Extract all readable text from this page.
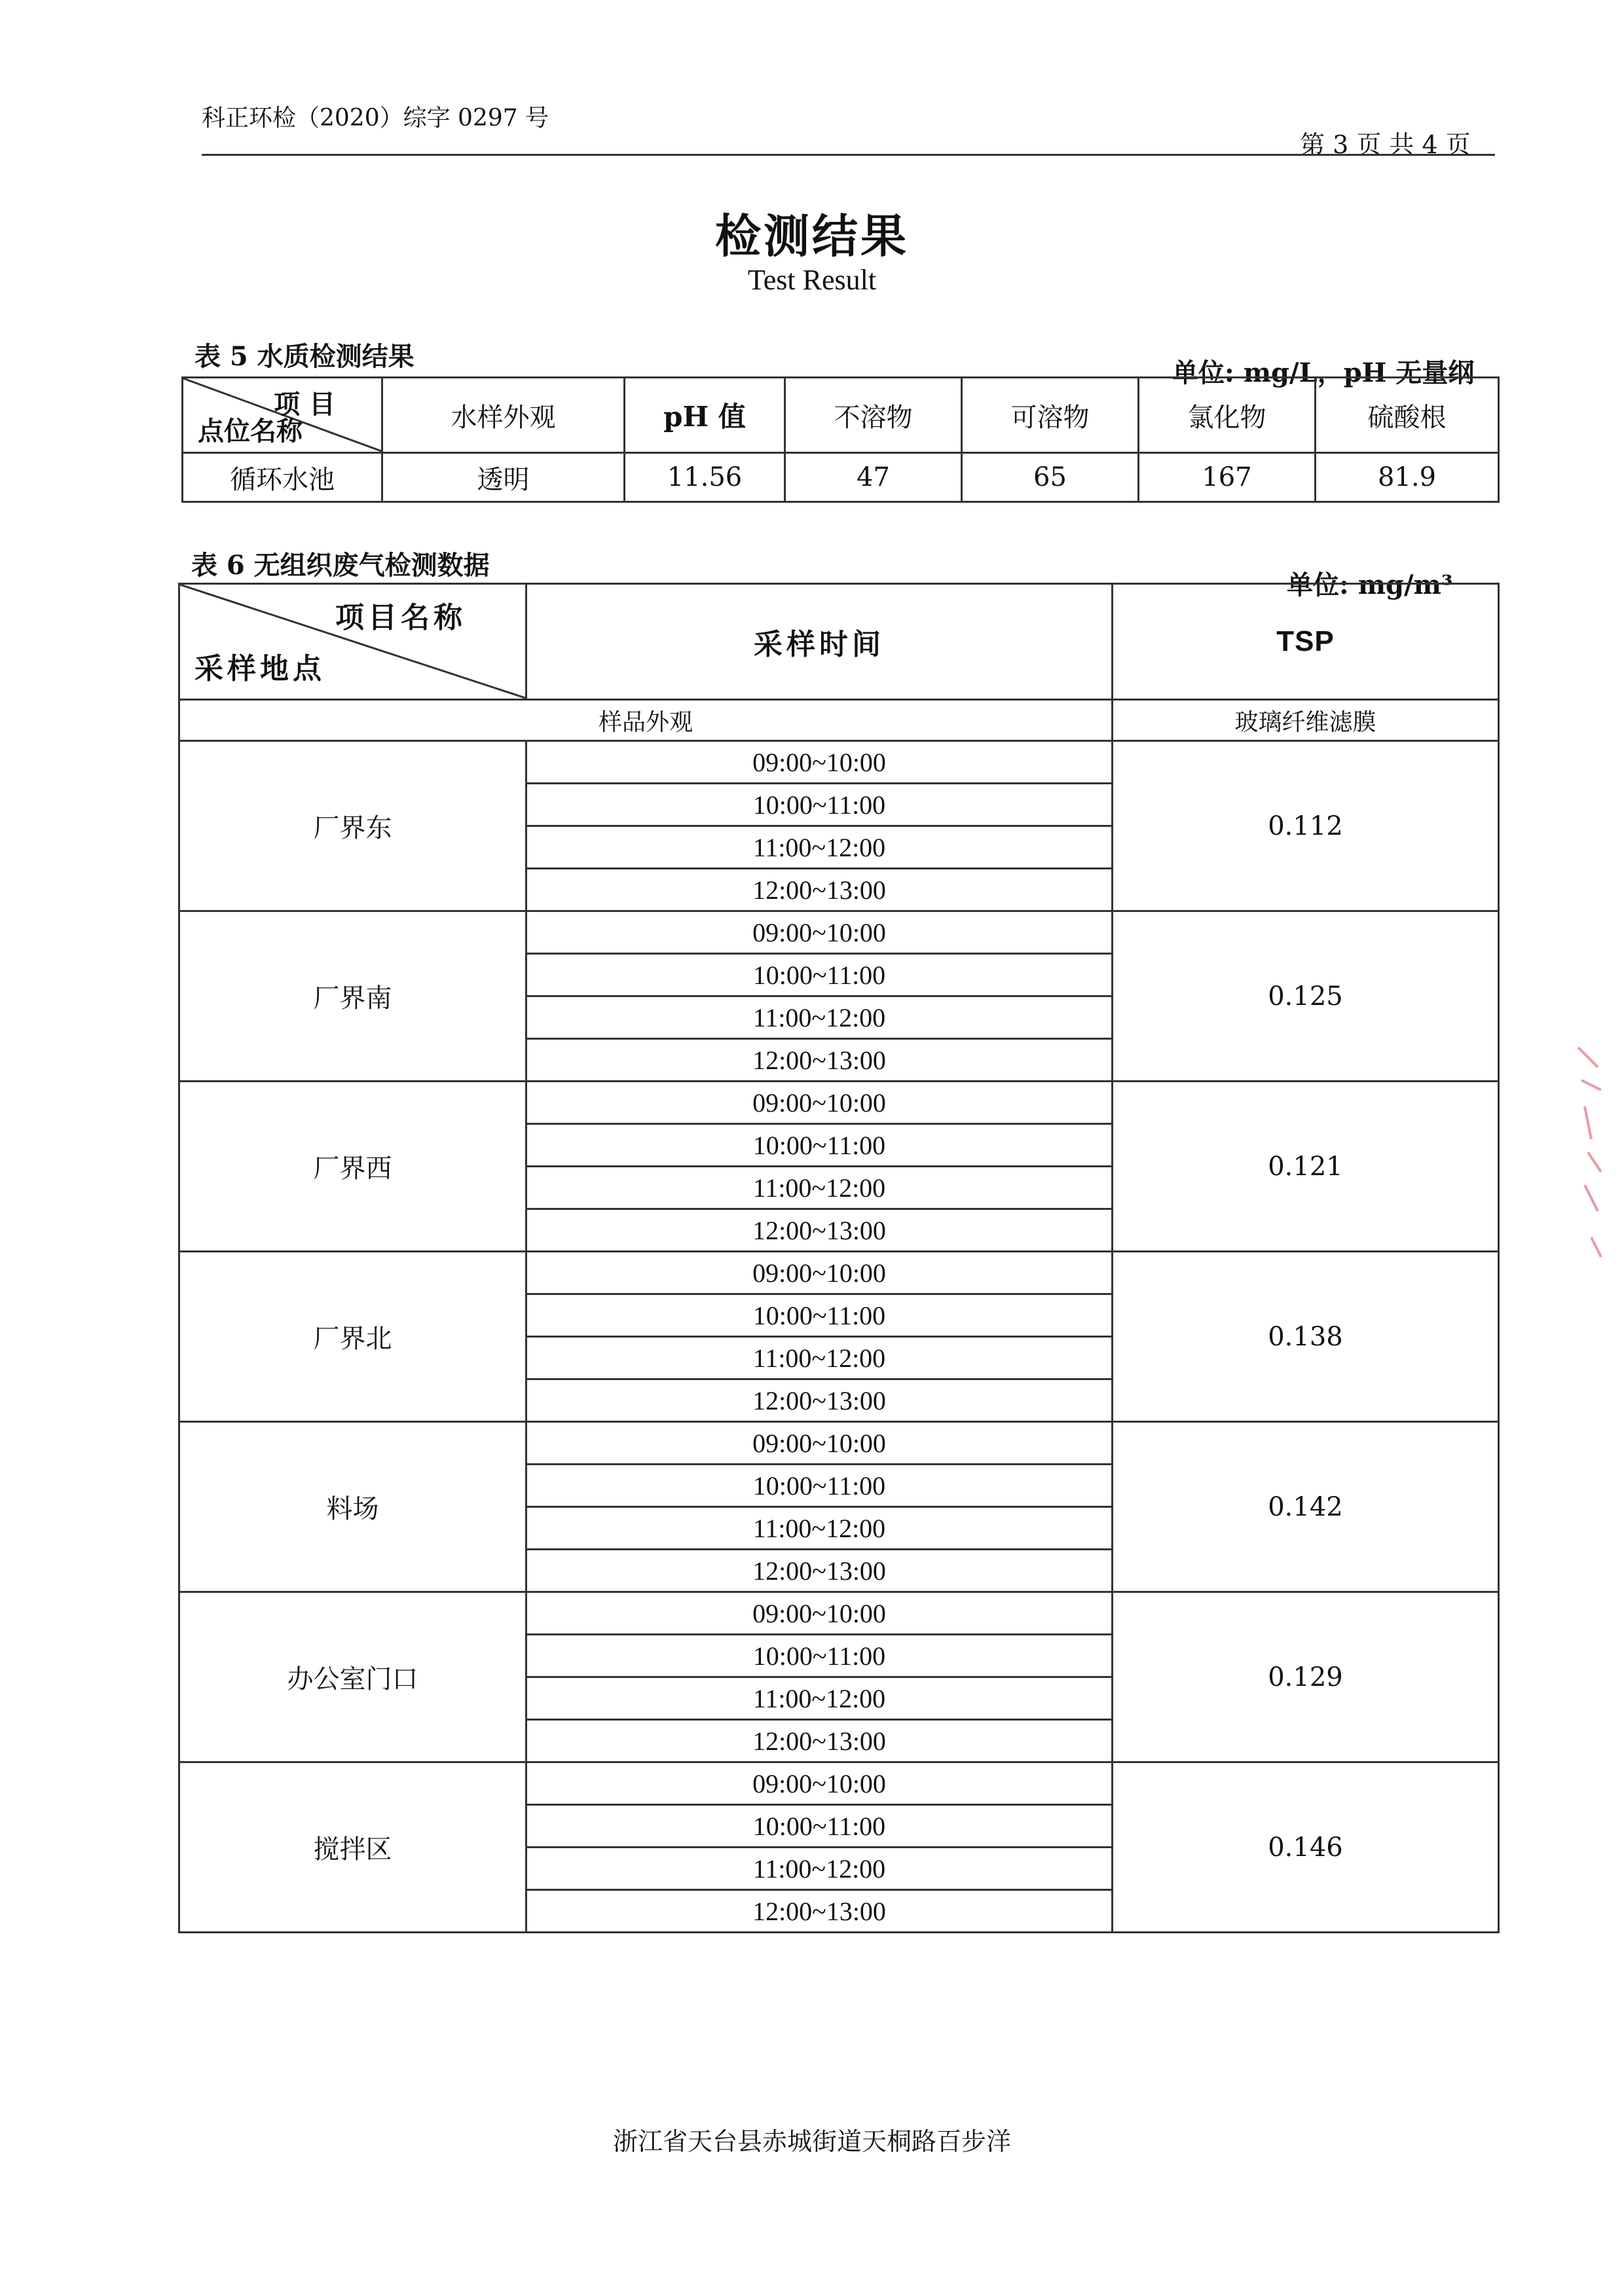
科正环检（2020）综字 0297 号
第 3 页 共 4 页
检测结果
Test Result
表 5 水质检测结果
单位: mg/L，pH 无量纲
项 目
点位名称	水样外观	pH 值	不溶物	可溶物	氯化物	硫酸根
循环水池	透明	11.56	47	65	167	81.9
表 6 无组织废气检测数据
单位: mg/m³
项目名称
采样地点	采样时间	TSP
样品外观		玻璃纤维滤膜
厂界东	09:00~10:00	0.112
	10:00~11:00	
	11:00~12:00	
	12:00~13:00	
厂界南	09:00~10:00	0.125
	10:00~11:00	
	11:00~12:00	
	12:00~13:00	
厂界西	09:00~10:00	0.121
	10:00~11:00	
	11:00~12:00	
	12:00~13:00	
厂界北	09:00~10:00	0.138
	10:00~11:00	
	11:00~12:00	
	12:00~13:00	
料场	09:00~10:00	0.142
	10:00~11:00	
	11:00~12:00	
	12:00~13:00	
办公室门口	09:00~10:00	0.129
	10:00~11:00	
	11:00~12:00	
	12:00~13:00	
搅拌区	09:00~10:00	0.146
	10:00~11:00	
	11:00~12:00	
	12:00~13:00	
浙江省天台县赤城街道天桐路百步洋
